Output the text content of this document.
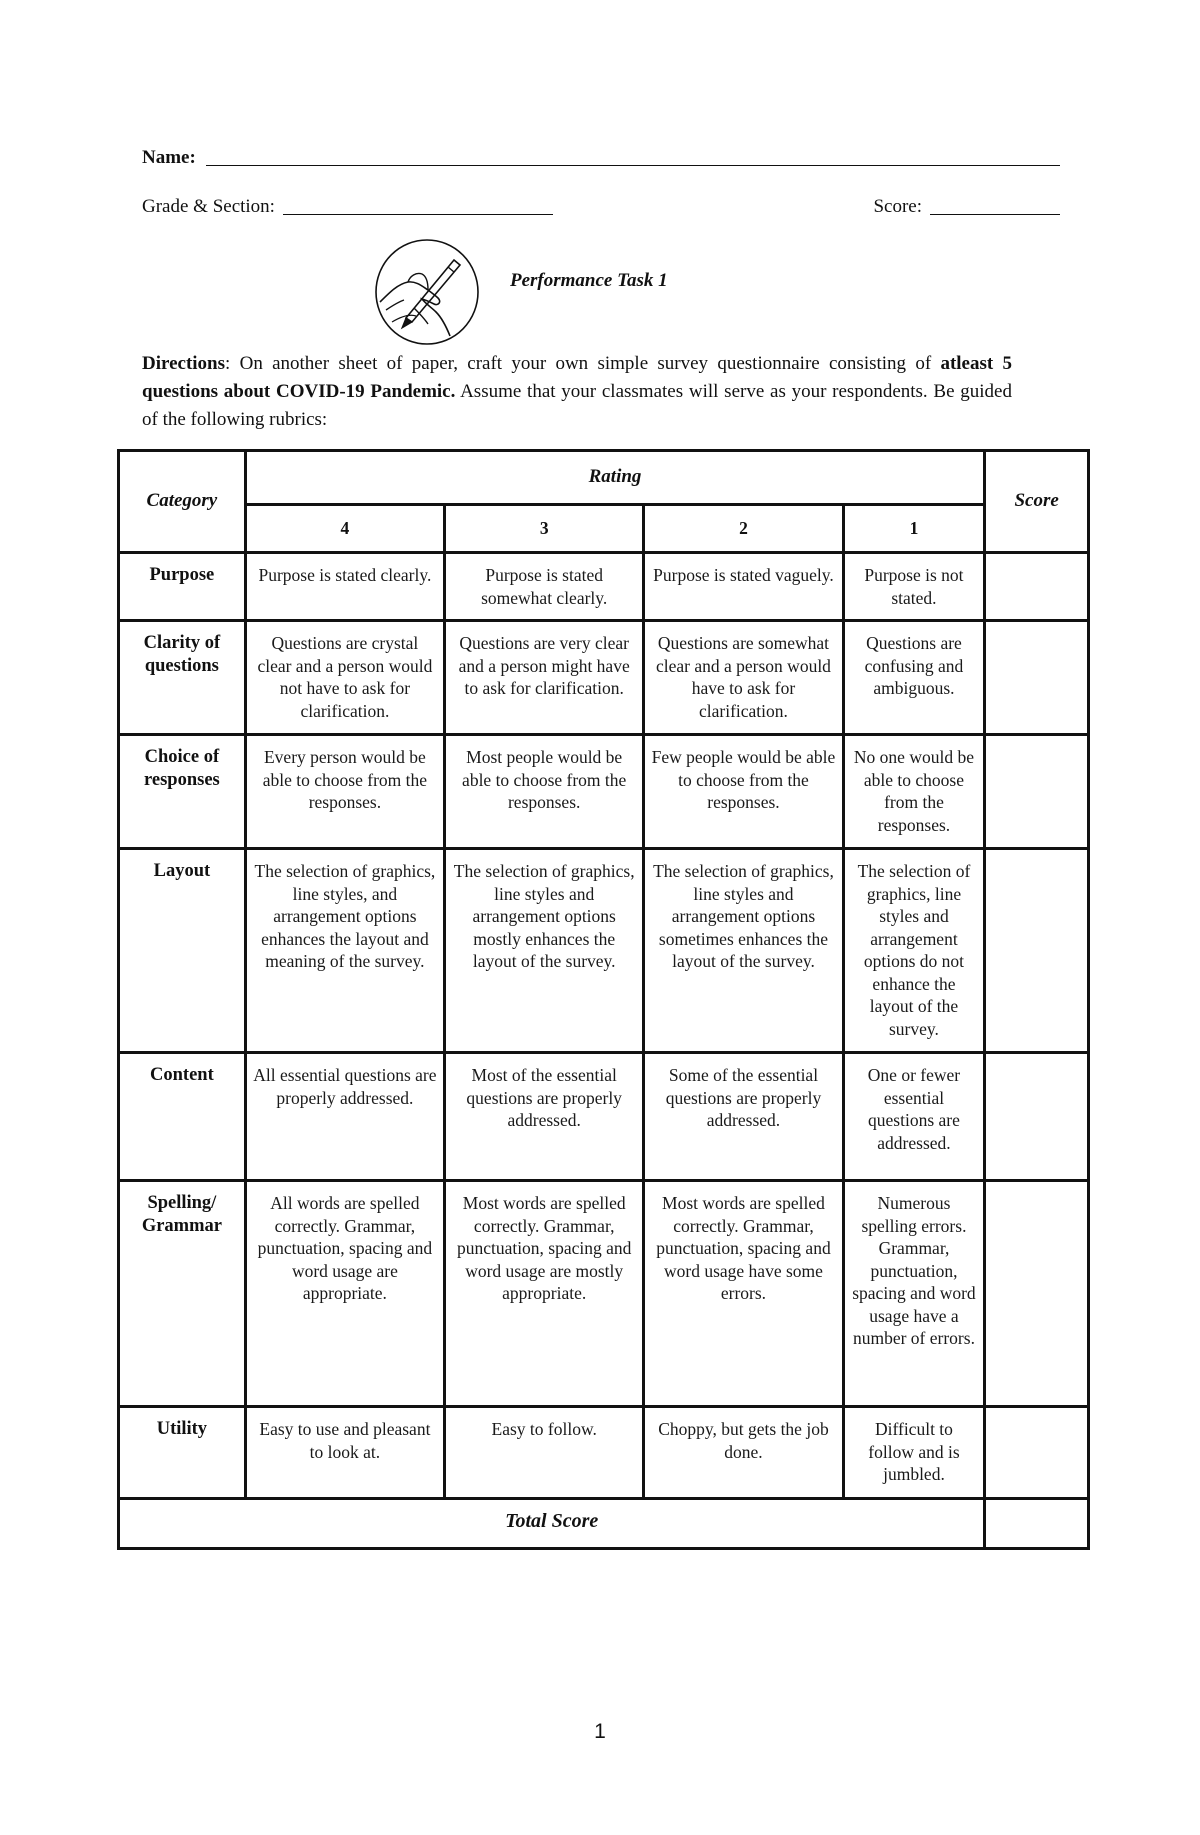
Name:
Grade & Section:	Score:
Performance Task 1
Directions: On another sheet of paper, craft your own simple survey questionnaire consisting of atleast 5 questions about COVID-19 Pandemic. Assume that your classmates will serve as your respondents. Be guided of the following rubrics:
Category	Rating				Score
	4	3	2	1	
Purpose	Purpose is stated clearly.	Purpose is stated somewhat clearly.	Purpose is stated vaguely.	Purpose is not stated.	
Clarity of questions	Questions are crystal clear and a person would not have to ask for clarification.	Questions are very clear and a person might have to ask for clarification.	Questions are somewhat clear and a person would have to ask for clarification.	Questions are confusing and ambiguous.	
Choice of responses	Every person would be able to choose from the responses.	Most people would be able to choose from the responses.	Few people would be able to choose from the responses.	No one would be able to choose from the responses.	
Layout	The selection of graphics, line styles, and arrangement options enhances the layout and meaning of the survey.	The selection of graphics, line styles and arrangement options mostly enhances the layout of the survey.	The selection of graphics, line styles and arrangement options sometimes enhances the layout of the survey.	The selection of graphics, line styles and arrangement options do not enhance the layout of the survey.	
Content	All essential questions are properly addressed.	Most of the essential questions are properly addressed.	Some of the essential questions are properly addressed.	One or fewer essential questions are addressed.	
Spelling/ Grammar	All words are spelled correctly. Grammar, punctuation, spacing and word usage are appropriate.	Most words are spelled correctly. Grammar, punctuation, spacing and word usage are mostly appropriate.	Most words are spelled correctly. Grammar, punctuation, spacing and word usage have some errors.	Numerous spelling errors. Grammar, punctuation, spacing and word usage have a number of errors.	
Utility	Easy to use and pleasant to look at.	Easy to follow.	Choppy, but gets the job done.	Difficult to follow and is jumbled.	
Total Score					
1
